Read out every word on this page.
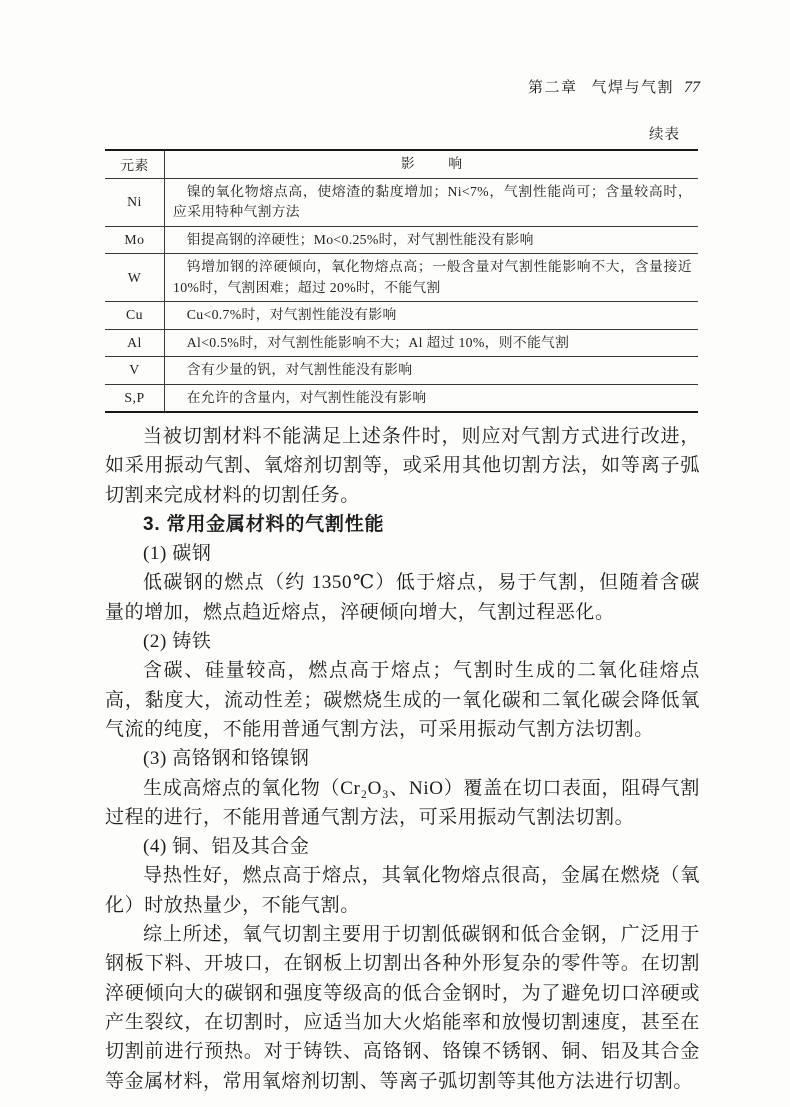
第二章 气焊与气割 77
续表
元素	影　　响
Ni	镍的氧化物熔点高，使熔渣的黏度增加；Ni<7%，气割性能尚可；含量较高时，应采用特种气割方法
Mo	钼提高钢的淬硬性；Mo<0.25%时，对气割性能没有影响
W	钨增加钢的淬硬倾向，氧化物熔点高；一般含量对气割性能影响不大，含量接近10%时，气割困难；超过 20%时，不能气割
Cu	Cu<0.7%时，对气割性能没有影响
Al	Al<0.5%时，对气割性能影响不大；Al 超过 10%，则不能气割
V	含有少量的钒，对气割性能没有影响
S,P	在允许的含量内，对气割性能没有影响
当被切割材料不能满足上述条件时，则应对气割方式进行改进，如采用振动气割、氧熔剂切割等，或采用其他切割方法，如等离子弧切割来完成材料的切割任务。
3. 常用金属材料的气割性能
(1) 碳钢
低碳钢的燃点（约 1350℃）低于熔点，易于气割，但随着含碳量的增加，燃点趋近熔点，淬硬倾向增大，气割过程恶化。
(2) 铸铁
含碳、硅量较高，燃点高于熔点；气割时生成的二氧化硅熔点高，黏度大，流动性差；碳燃烧生成的一氧化碳和二氧化碳会降低氧气流的纯度，不能用普通气割方法，可采用振动气割方法切割。
(3) 高铬钢和铬镍钢
生成高熔点的氧化物（Cr₂O₃、NiO）覆盖在切口表面，阻碍气割过程的进行，不能用普通气割方法，可采用振动气割法切割。
(4) 铜、铝及其合金
导热性好，燃点高于熔点，其氧化物熔点很高，金属在燃烧（氧化）时放热量少，不能气割。
综上所述，氧气切割主要用于切割低碳钢和低合金钢，广泛用于钢板下料、开坡口，在钢板上切割出各种外形复杂的零件等。在切割淬硬倾向大的碳钢和强度等级高的低合金钢时，为了避免切口淬硬或产生裂纹，在切割时，应适当加大火焰能率和放慢切割速度，甚至在切割前进行预热。对于铸铁、高铬钢、铬镍不锈钢、铜、铝及其合金等金属材料，常用氧熔剂切割、等离子弧切割等其他方法进行切割。
